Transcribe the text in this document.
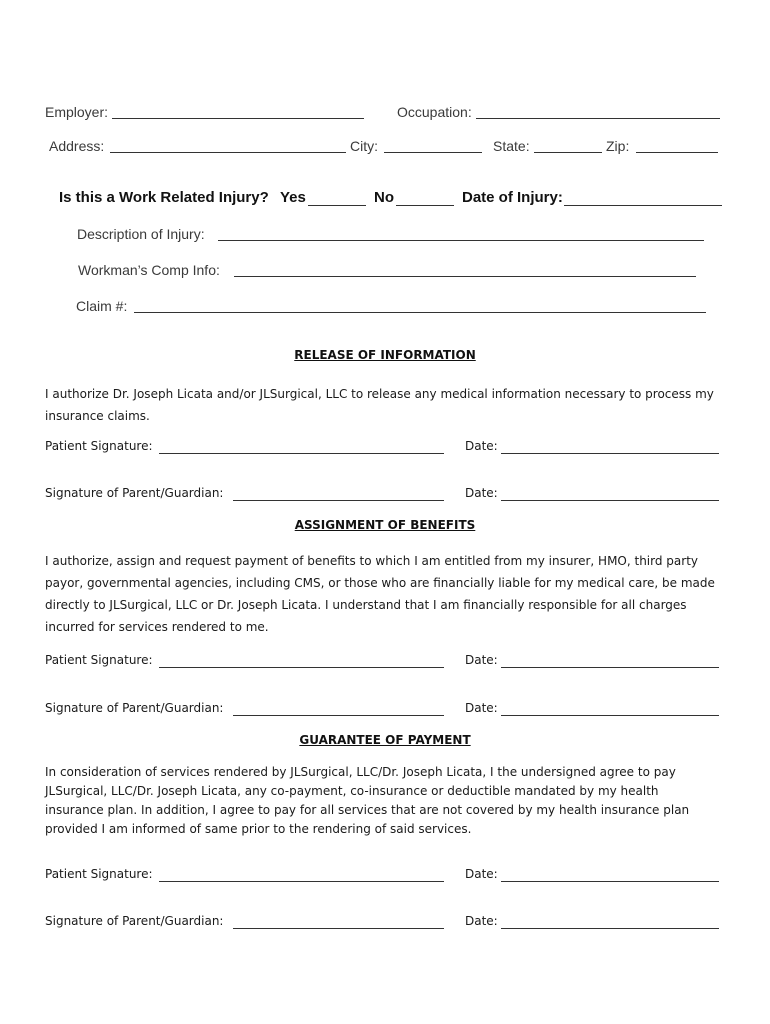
Employer:	Occupation:
Address:	City:	State:	Zip:
Is this a Work Related Injury? Yes	No	Date of Injury:
Description of Injury:
Workman’s Comp Info:
Claim #:
RELEASE OF INFORMATION
I authorize Dr. Joseph Licata and/or JLSurgical, LLC to release any medical information necessary to process my
insurance claims.
Patient Signature:	Date:
Signature of Parent/Guardian:	Date:
ASSIGNMENT OF BENEFITS
I authorize, assign and request payment of benefits to which I am entitled from my insurer, HMO, third party
payor, governmental agencies, including CMS, or those who are financially liable for my medical care, be made
directly to JLSurgical, LLC or Dr. Joseph Licata. I understand that I am financially responsible for all charges
incurred for services rendered to me.
Patient Signature:	Date:
Signature of Parent/Guardian:	Date:
GUARANTEE OF PAYMENT
In consideration of services rendered by JLSurgical, LLC/Dr. Joseph Licata, I the undersigned agree to pay
JLSurgical, LLC/Dr. Joseph Licata, any co-payment, co-insurance or deductible mandated by my health
insurance plan. In addition, I agree to pay for all services that are not covered by my health insurance plan
provided I am informed of same prior to the rendering of said services.
Patient Signature:	Date:
Signature of Parent/Guardian:	Date:
